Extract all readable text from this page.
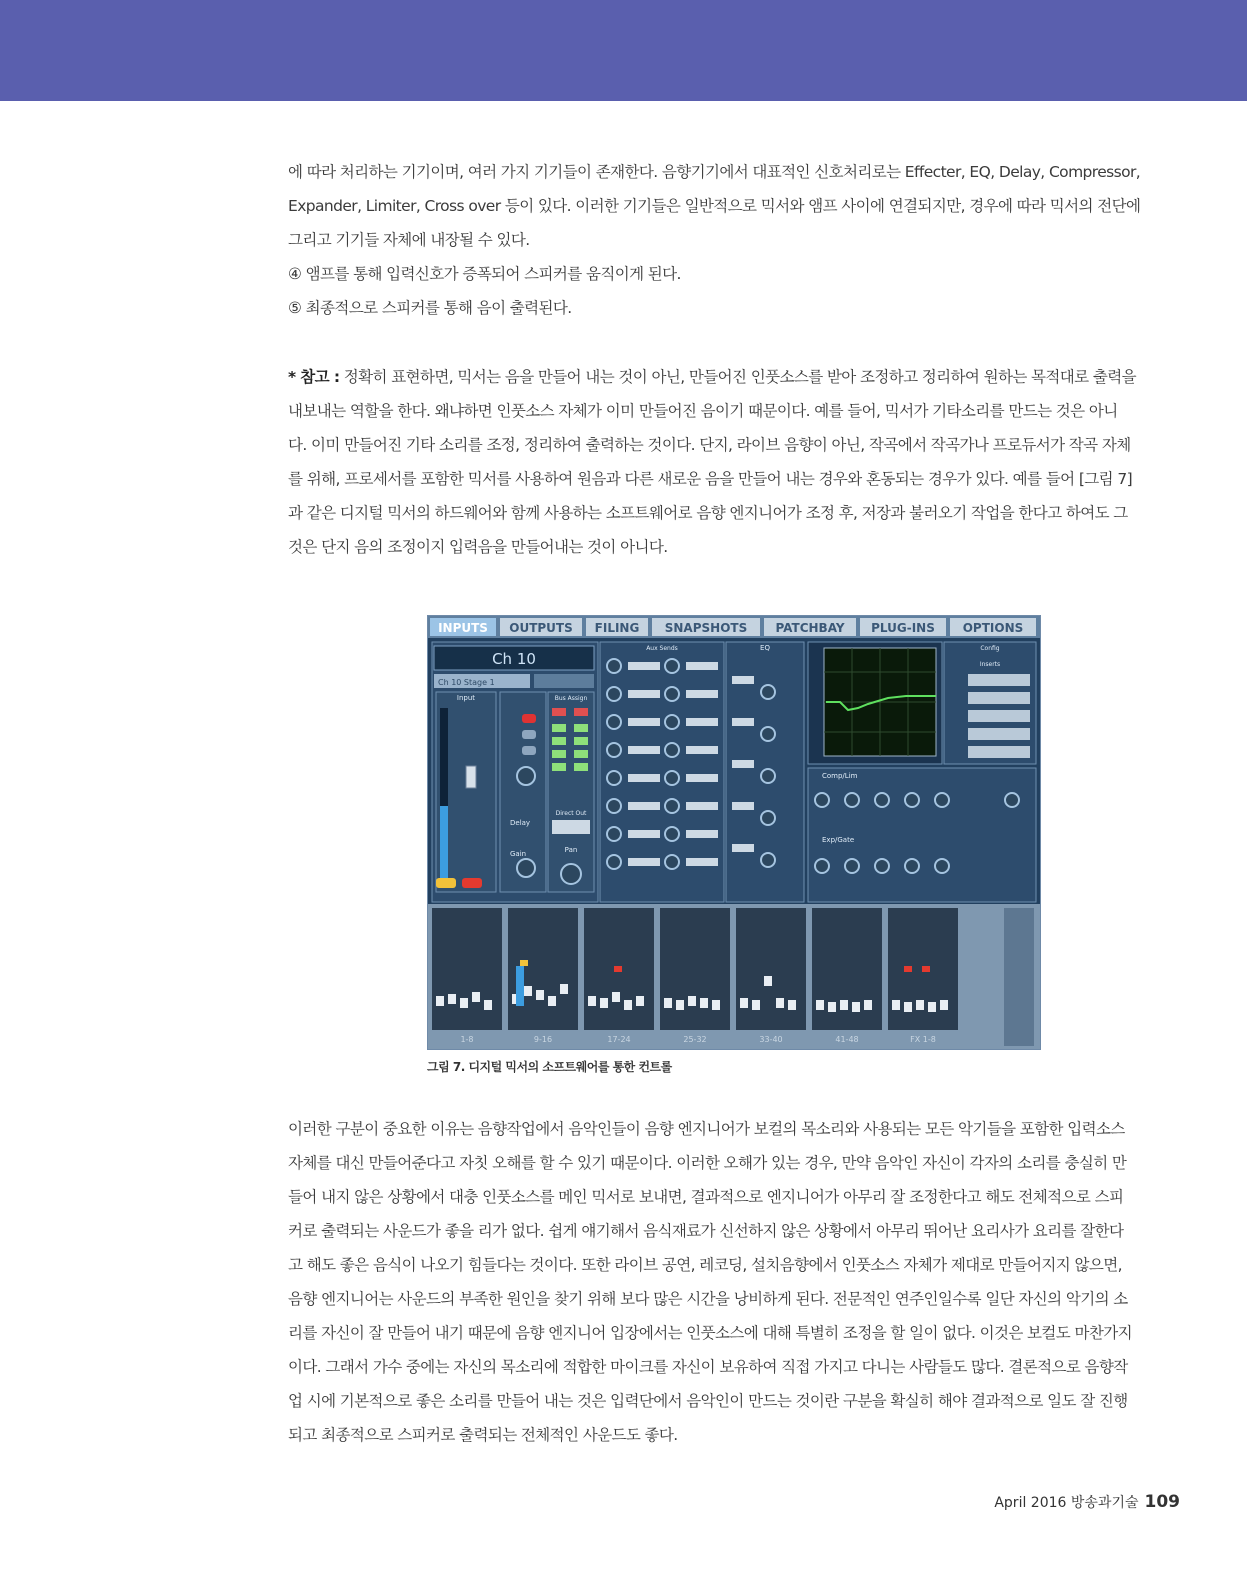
에 따라 처리하는 기기이며, 여러 가지 기기들이 존재한다. 음향기기에서 대표적인 신호처리로는 Effecter, EQ, Delay, Compressor,
Expander, Limiter, Cross over 등이 있다. 이러한 기기들은 일반적으로 믹서와 앰프 사이에 연결되지만, 경우에 따라 믹서의 전단에
그리고 기기들 자체에 내장될 수 있다.
④ 앰프를 통해 입력신호가 증폭되어 스피커를 움직이게 된다.
⑤ 최종적으로 스피커를 통해 음이 출력된다.
* 참고 : 정확히 표현하면, 믹서는 음을 만들어 내는 것이 아닌, 만들어진 인풋소스를 받아 조정하고 정리하여 원하는 목적대로 출력을
내보내는 역할을 한다. 왜냐하면 인풋소스 자체가 이미 만들어진 음이기 때문이다. 예를 들어, 믹서가 기타소리를 만드는 것은 아니
다. 이미 만들어진 기타 소리를 조정, 정리하여 출력하는 것이다. 단지, 라이브 음향이 아닌, 작곡에서 작곡가나 프로듀서가 작곡 자체
를 위해, 프로세서를 포함한 믹서를 사용하여 원음과 다른 새로운 음을 만들어 내는 경우와 혼동되는 경우가 있다. 예를 들어 [그림 7]
과 같은 디지털 믹서의 하드웨어와 함께 사용하는 소프트웨어로 음향 엔지니어가 조정 후, 저장과 불러오기 작업을 한다고 하여도 그
것은 단지 음의 조정이지 입력음을 만들어내는 것이 아니다.
INPUTS OUTPUTS FILING SNAPSHOTS PATCHBAY PLUG-INS OPTIONS
Ch 10
Ch 10 Stage 1
Input
Delay
Gain
Bus Assign
Direct Out
Pan
Aux Sends	EQ	Config
Inserts
Comp/Lim
Exp/Gate
1-8	9-16	17-24	25-32	33-40	41-48	FX 1-8
그림 7. 디지털 믹서의 소프트웨어를 통한 컨트롤
이러한 구분이 중요한 이유는 음향작업에서 음악인들이 음향 엔지니어가 보컬의 목소리와 사용되는 모든 악기들을 포함한 입력소스
자체를 대신 만들어준다고 자칫 오해를 할 수 있기 때문이다. 이러한 오해가 있는 경우, 만약 음악인 자신이 각자의 소리를 충실히 만
들어 내지 않은 상황에서 대충 인풋소스를 메인 믹서로 보내면, 결과적으로 엔지니어가 아무리 잘 조정한다고 해도 전체적으로 스피
커로 출력되는 사운드가 좋을 리가 없다. 쉽게 얘기해서 음식재료가 신선하지 않은 상황에서 아무리 뛰어난 요리사가 요리를 잘한다
고 해도 좋은 음식이 나오기 힘들다는 것이다. 또한 라이브 공연, 레코딩, 설치음향에서 인풋소스 자체가 제대로 만들어지지 않으면,
음향 엔지니어는 사운드의 부족한 원인을 찾기 위해 보다 많은 시간을 낭비하게 된다. 전문적인 연주인일수록 일단 자신의 악기의 소
리를 자신이 잘 만들어 내기 때문에 음향 엔지니어 입장에서는 인풋소스에 대해 특별히 조정을 할 일이 없다. 이것은 보컬도 마찬가지
이다. 그래서 가수 중에는 자신의 목소리에 적합한 마이크를 자신이 보유하여 직접 가지고 다니는 사람들도 많다. 결론적으로 음향작
업 시에 기본적으로 좋은 소리를 만들어 내는 것은 입력단에서 음악인이 만드는 것이란 구분을 확실히 해야 결과적으로 일도 잘 진행
되고 최종적으로 스피커로 출력되는 전체적인 사운드도 좋다.
April 2016 방송과기술 109
